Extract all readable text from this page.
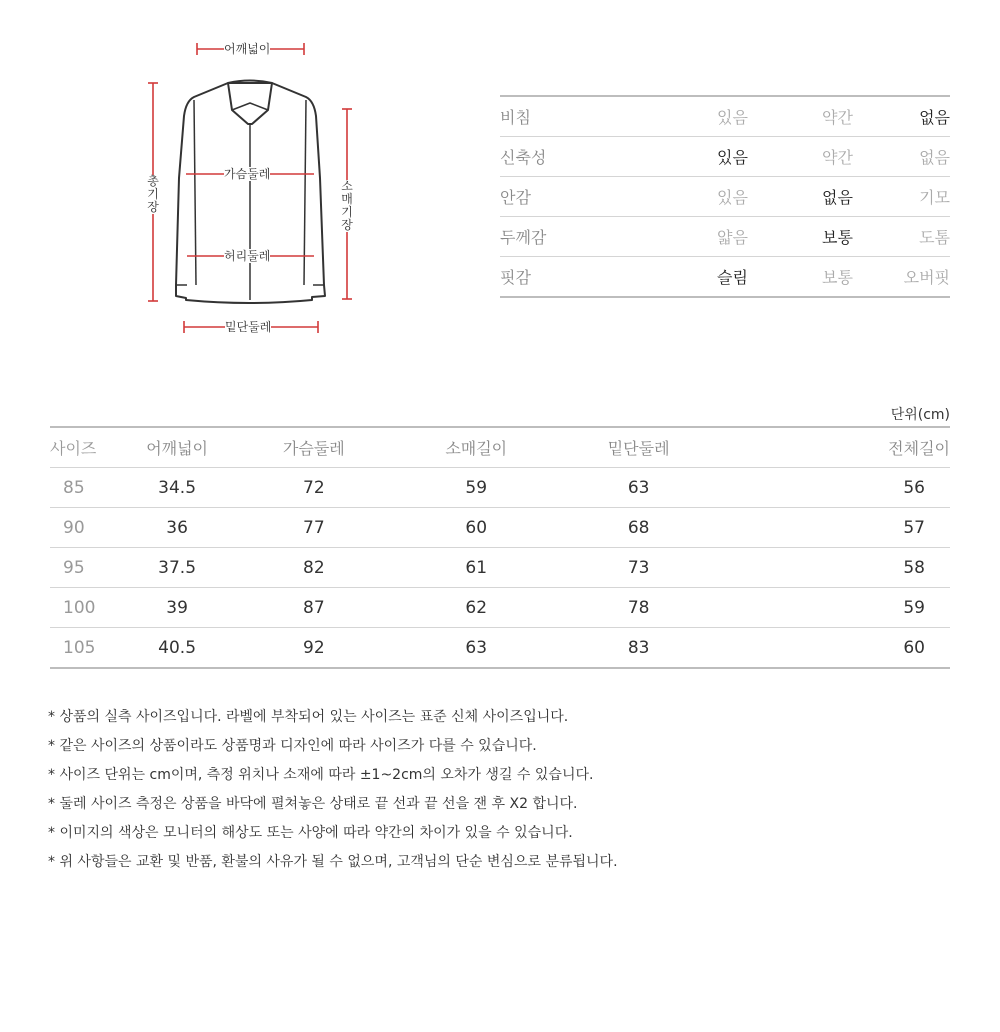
어깨넓이
가슴둘레
허리둘레
밑단둘레
총기장
소매기장
비침	있음	약간	없음
신축성	있음	약간	없음
안감	있음	없음	기모
두께감	얇음	보통	도톰
핏감	슬림	보통	오버핏
단위(cm)
사이즈	어깨넓이	가슴둘레	소매길이	밑단둘레	전체길이
85	34.5	72	59	63	56
90	36	77	60	68	57
95	37.5	82	61	73	58
100	39	87	62	78	59
105	40.5	92	63	83	60
* 상품의 실측 사이즈입니다. 라벨에 부착되어 있는 사이즈는 표준 신체 사이즈입니다.
* 같은 사이즈의 상품이라도 상품명과 디자인에 따라 사이즈가 다를 수 있습니다.
* 사이즈 단위는 cm이며, 측정 위치나 소재에 따라 ±1~2cm의 오차가 생길 수 있습니다.
* 둘레 사이즈 측정은 상품을 바닥에 펼쳐놓은 상태로 끝 선과 끝 선을 잰 후 X2 합니다.
* 이미지의 색상은 모니터의 해상도 또는 사양에 따라 약간의 차이가 있을 수 있습니다.
* 위 사항들은 교환 및 반품, 환불의 사유가 될 수 없으며, 고객님의 단순 변심으로 분류됩니다.
